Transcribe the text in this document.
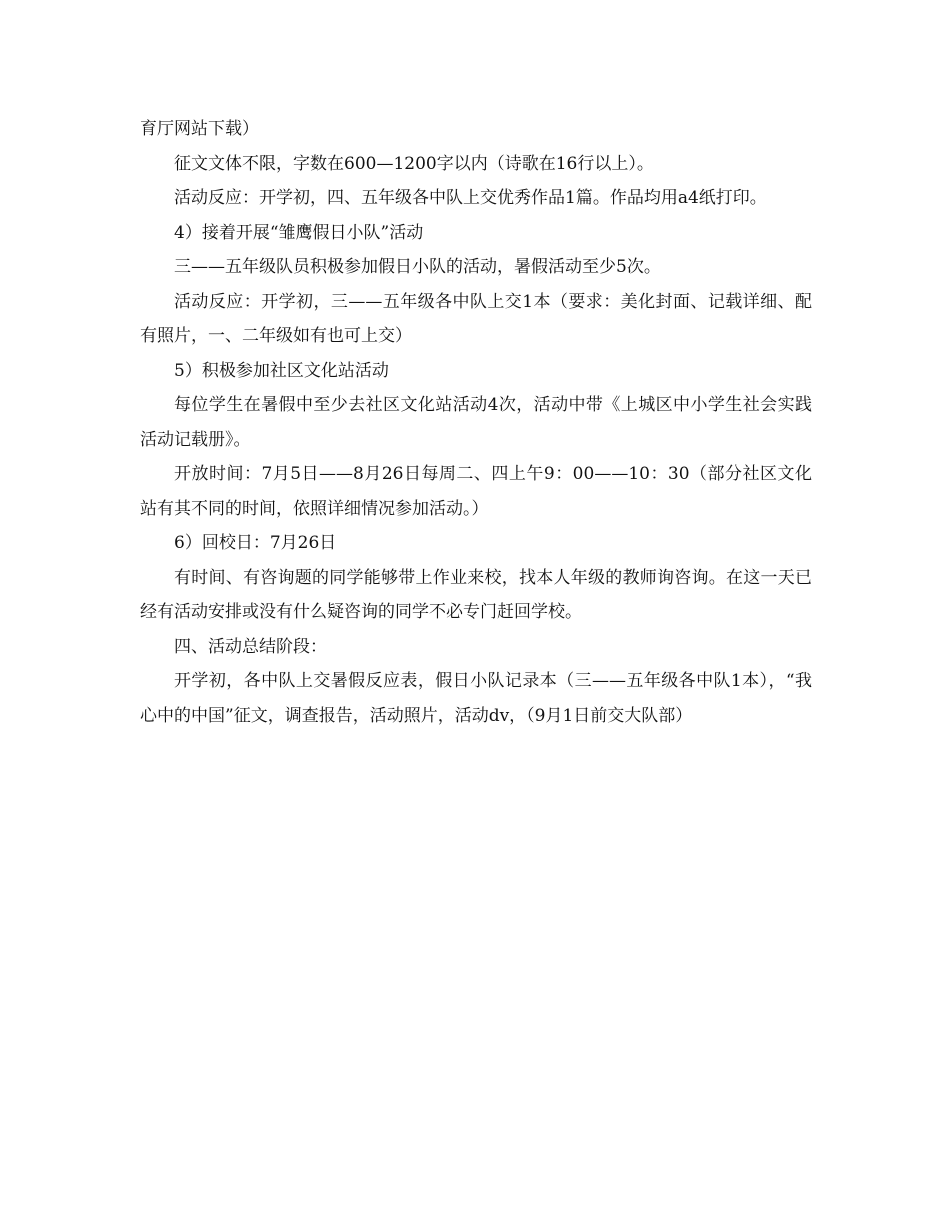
育厅网站下载）

征文文体不限，字数在600—1200字以内（诗歌在16行以上）。

活动反应：开学初，四、五年级各中队上交优秀作品1篇。作品均用a4纸打印。

4）接着开展“雏鹰假日小队”活动

三——五年级队员积极参加假日小队的活动，暑假活动至少5次。

活动反应：开学初，三——五年级各中队上交1本（要求：美化封面、记载详细、配有照片，一、二年级如有也可上交）

5）积极参加社区文化站活动

每位学生在暑假中至少去社区文化站活动4次，活动中带《上城区中小学生社会实践活动记载册》。

开放时间：7月5日——8月26日每周二、四上午9：00——10：30（部分社区文化站有其不同的时间，依照详细情况参加活动。）

6）回校日：7月26日

有时间、有咨询题的同学能够带上作业来校，找本人年级的教师询咨询。在这一天已经有活动安排或没有什么疑咨询的同学不必专门赶回学校。

四、活动总结阶段：

开学初，各中队上交暑假反应表，假日小队记录本（三——五年级各中队1本），“我心中的中国”征文，调查报告，活动照片，活动dv，（9月1日前交大队部）
